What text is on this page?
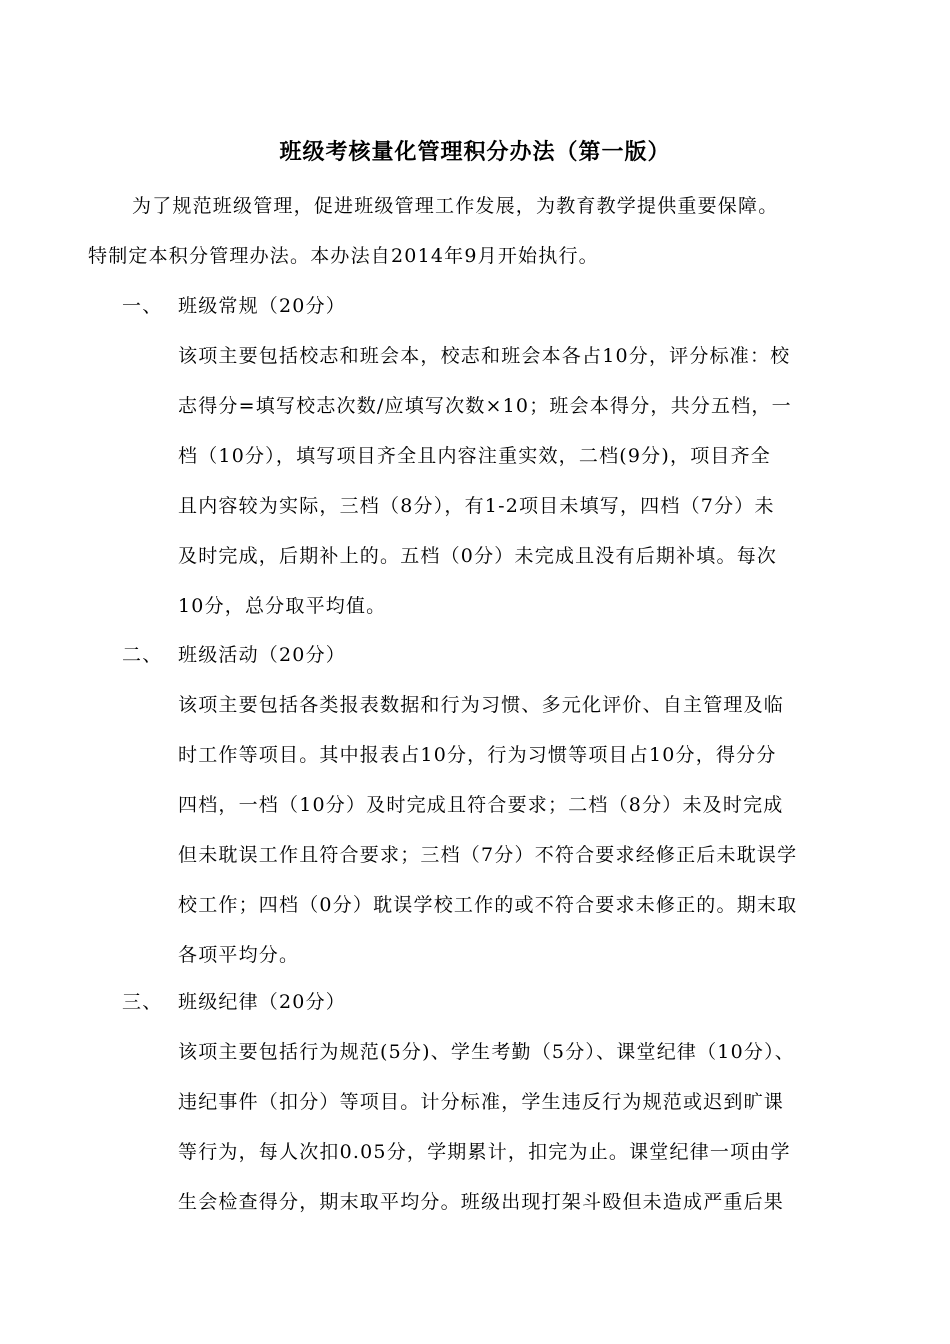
班级考核量化管理积分办法（第一版）
为了规范班级管理，促进班级管理工作发展，为教育教学提供重要保障。
特制定本积分管理办法。本办法自2014年9月开始执行。
一、 班级常规（20分）
该项主要包括校志和班会本，校志和班会本各占10分，评分标准：校
志得分=填写校志次数/应填写次数×10；班会本得分，共分五档，一
档（10分），填写项目齐全且内容注重实效，二档(9分)，项目齐全
且内容较为实际，三档（8分），有1-2项目未填写，四档（7分）未
及时完成，后期补上的。五档（0分）未完成且没有后期补填。每次
10分，总分取平均值。
二、 班级活动（20分）
该项主要包括各类报表数据和行为习惯、多元化评价、自主管理及临
时工作等项目。其中报表占10分，行为习惯等项目占10分，得分分
四档，一档（10分）及时完成且符合要求；二档（8分）未及时完成
但未耽误工作且符合要求；三档（7分）不符合要求经修正后未耽误学
校工作；四档（0分）耽误学校工作的或不符合要求未修正的。期末取
各项平均分。
三、 班级纪律（20分）
该项主要包括行为规范(5分)、学生考勤（5分）、课堂纪律（10分）、
违纪事件（扣分）等项目。计分标准，学生违反行为规范或迟到旷课
等行为，每人次扣0.05分，学期累计，扣完为止。课堂纪律一项由学
生会检查得分，期末取平均分。班级出现打架斗殴但未造成严重后果
